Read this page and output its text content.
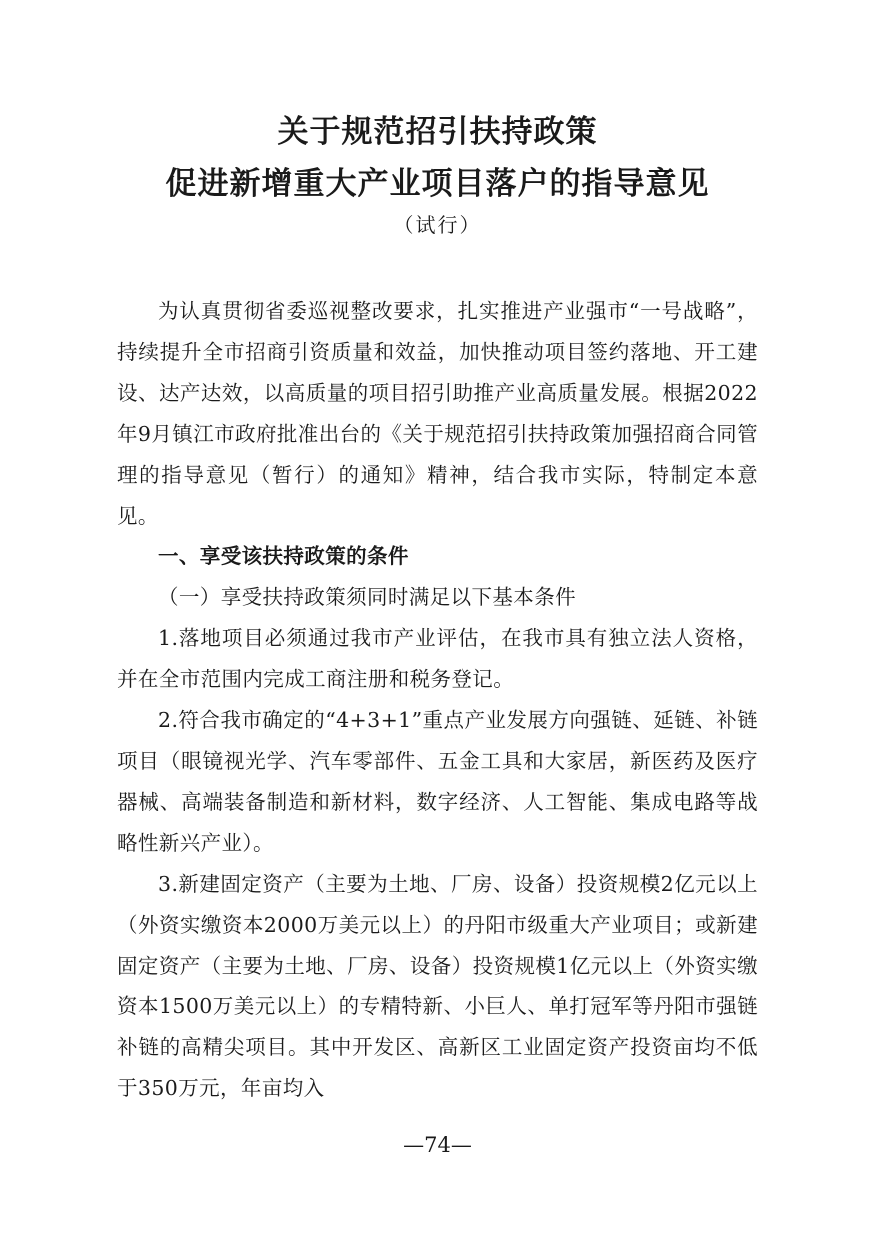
关于规范招引扶持政策
促进新增重大产业项目落户的指导意见
（试行）

为认真贯彻省委巡视整改要求，扎实推进产业强市“一号战略”，持续提升全市招商引资质量和效益，加快推动项目签约落地、开工建设、达产达效，以高质量的项目招引助推产业高质量发展。根据2022年9月镇江市政府批准出台的《关于规范招引扶持政策加强招商合同管理的指导意见（暂行）的通知》精神，结合我市实际，特制定本意见。

一、享受该扶持政策的条件

（一）享受扶持政策须同时满足以下基本条件

1.落地项目必须通过我市产业评估，在我市具有独立法人资格，并在全市范围内完成工商注册和税务登记。

2.符合我市确定的“4+3+1”重点产业发展方向强链、延链、补链项目（眼镜视光学、汽车零部件、五金工具和大家居，新医药及医疗器械、高端装备制造和新材料，数字经济、人工智能、集成电路等战略性新兴产业）。

3.新建固定资产（主要为土地、厂房、设备）投资规模2亿元以上（外资实缴资本2000万美元以上）的丹阳市级重大产业项目；或新建固定资产（主要为土地、厂房、设备）投资规模1亿元以上（外资实缴资本1500万美元以上）的专精特新、小巨人、单打冠军等丹阳市强链补链的高精尖项目。其中开发区、高新区工业固定资产投资亩均不低于350万元，年亩均入

—74—
